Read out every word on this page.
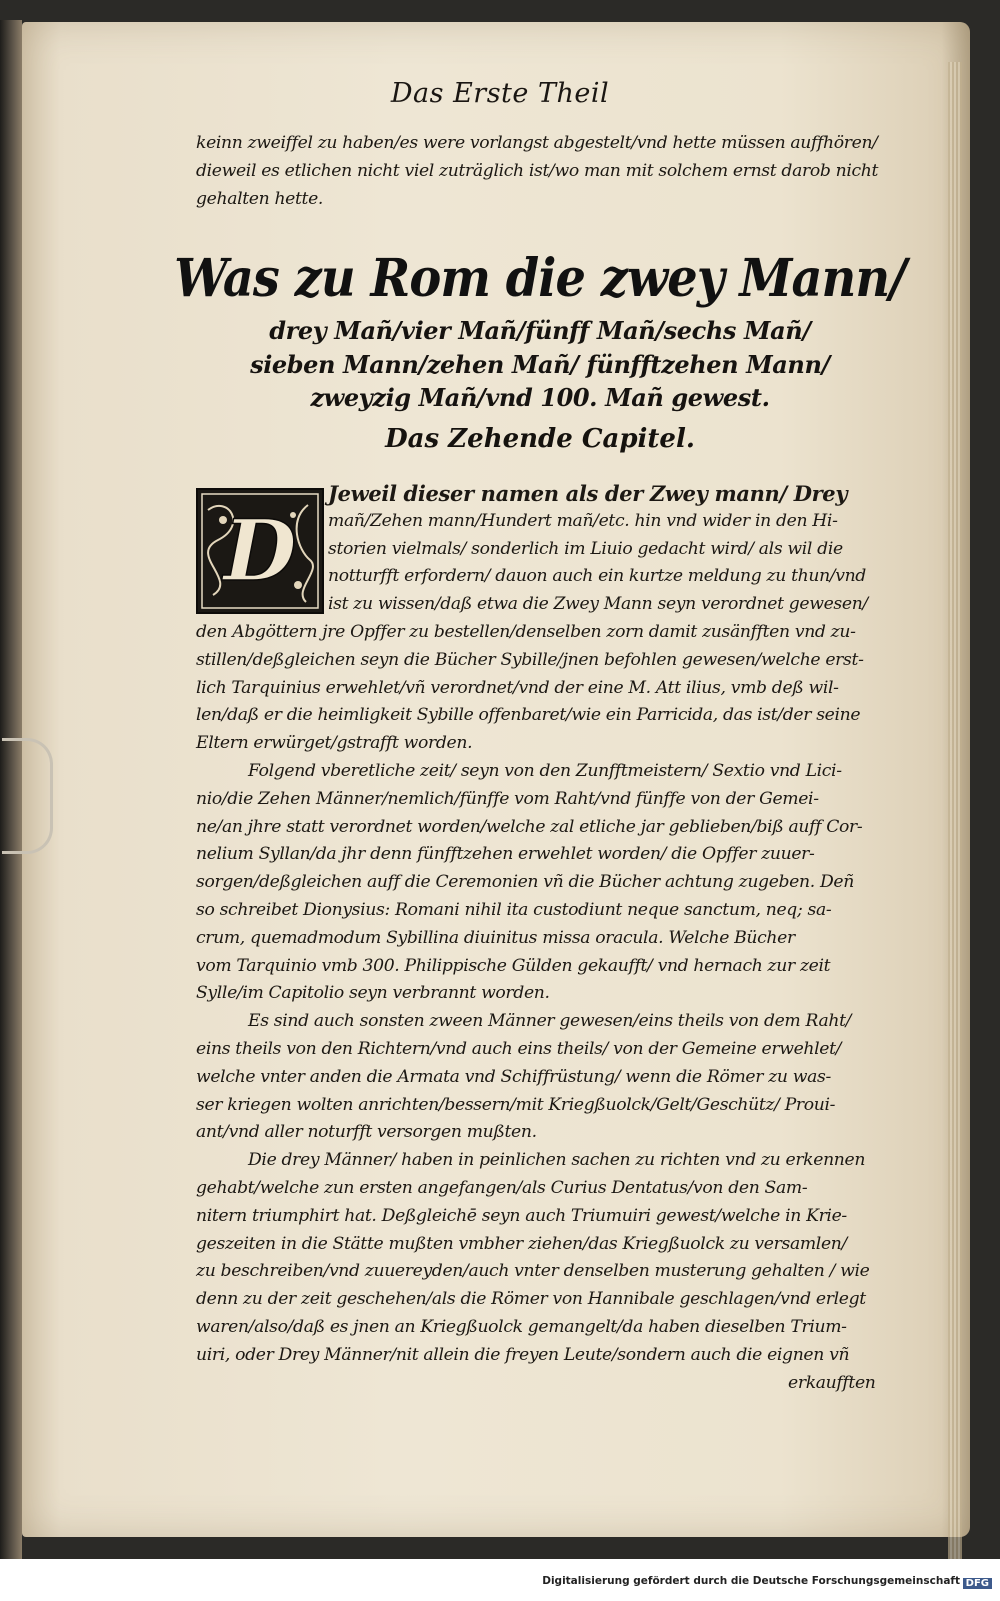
Das Erste Theil
keinn zweiffel zu haben/es were vorlangst abgestelt/vnd hette müssen auffhören/
dieweil es etlichen nicht viel zuträglich ist/wo man mit solchem ernst darob nicht
gehalten hette.
Was zu Rom die zwey Mann/
drey Mañ/vier Mañ/fünff Mañ/sechs Mañ/
sieben Mann/zehen Mañ/ fünfftzehen Mann/
zweyzig Mañ/vnd 100. Mañ gewest.
Das Zehende Capitel.
D
Jeweil dieser namen als der Zwey mann/ Drey
mañ/Zehen mann/Hundert mañ/etc. hin vnd wider in den Hi-
storien vielmals/ sonderlich im Liuio gedacht wird/ als wil die
notturfft erfordern/ dauon auch ein kurtze meldung zu thun/vnd
ist zu wissen/daß etwa die Zwey Mann seyn verordnet gewesen/
den Abgöttern jre Opffer zu bestellen/denselben zorn damit zusänfften vnd zu-
stillen/deßgleichen seyn die Bücher Sybille/jnen befohlen gewesen/welche erst-
lich Tarquinius erwehlet/vñ verordnet/vnd der eine M. Att ilius, vmb deß wil-
len/daß er die heimligkeit Sybille offenbaret/wie ein Parricida, das ist/der seine
Eltern erwürget/gstrafft worden.
Folgend vberetliche zeit/ seyn von den Zunfftmeistern/ Sextio vnd Lici-
nio/die Zehen Männer/nemlich/fünffe vom Raht/vnd fünffe von der Gemei-
ne/an jhre statt verordnet worden/welche zal etliche jar geblieben/biß auff Cor-
nelium Syllan/da jhr denn fünfftzehen erwehlet worden/ die Opffer zuuer-
sorgen/deßgleichen auff die Ceremonien vñ die Bücher achtung zugeben. Deñ
so schreibet Dionysius: Romani nihil ita custodiunt neque sanctum, neq; sa-
crum, quemadmodum Sybillina diuinitus missa oracula. Welche Bücher
vom Tarquinio vmb 300. Philippische Gülden gekaufft/ vnd hernach zur zeit
Sylle/im Capitolio seyn verbrannt worden.
Es sind auch sonsten zween Männer gewesen/eins theils von dem Raht/
eins theils von den Richtern/vnd auch eins theils/ von der Gemeine erwehlet/
welche vnter anden die Armata vnd Schiffrüstung/ wenn die Römer zu was-
ser kriegen wolten anrichten/bessern/mit Kriegßuolck/Gelt/Geschütz/ Proui-
ant/vnd aller noturfft versorgen mußten.
Die drey Männer/ haben in peinlichen sachen zu richten vnd zu erkennen
gehabt/welche zun ersten angefangen/als Curius Dentatus/von den Sam-
nitern triumphirt hat. Deßgleichē seyn auch Triumuiri gewest/welche in Krie-
geszeiten in die Stätte mußten vmbher ziehen/das Kriegßuolck zu versamlen/
zu beschreiben/vnd zuuereyden/auch vnter denselben musterung gehalten / wie
denn zu der zeit geschehen/als die Römer von Hannibale geschlagen/vnd erlegt
waren/also/daß es jnen an Kriegßuolck gemangelt/da haben dieselben Trium-
uiri, oder Drey Männer/nit allein die freyen Leute/sondern auch die eignen vñ
erkaufften
Digitalisierung gefördert durch die Deutsche Forschungsgemeinschaft DFG
